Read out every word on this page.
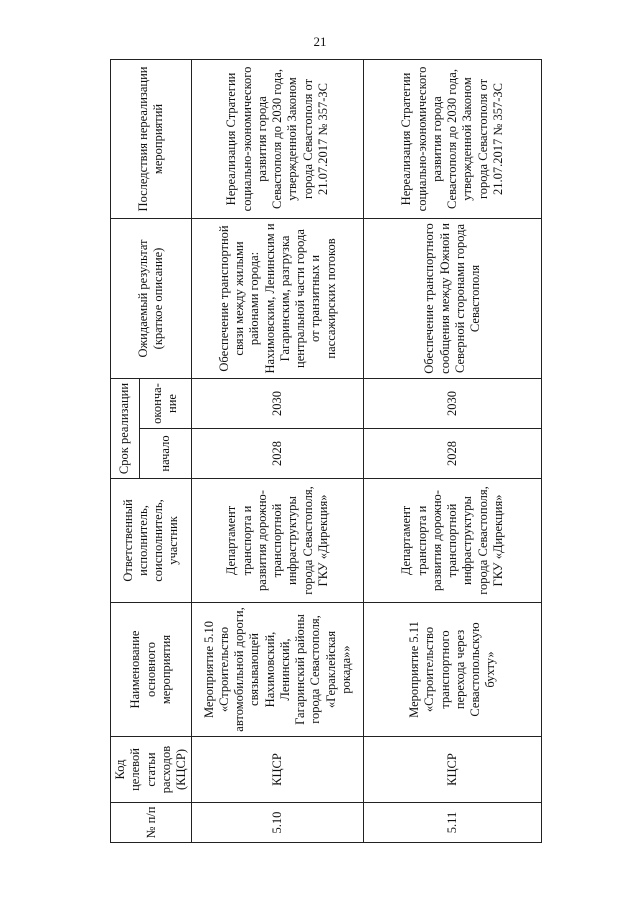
21
№ п/п	Код целевой статьи расходов (КЦСР)	Наименование основного мероприятия	Ответственный исполнитель, соисполнитель, участник	Срок реализации		Ожидаемый результат (краткое описание)	Последствия нереализации мероприятий
				начало	оконча-ние		
5.10	КЦСР	Мероприятие 5.10 «Строительство автомобильной дороги, связывающей Нахимовский, Ленинский, Гагаринский районы города Севастополя, «Гераклейская рокада»»	Департамент транспорта и развития дорожно-транспортной инфраструктуры города Севастополя, ГКУ «Дирекция»	2028	2030	Обеспечение транспортной связи между жилыми районами города: Нахимовским, Ленинским и Гагаринским, разгрузка центральной части города от транзитных и пассажирских потоков	Нереализация Стратегии социально-экономического развития города Севастополя до 2030 года, утвержденной Законом города Севастополя от 21.07.2017 № 357-ЗС
5.11	КЦСР	Мероприятие 5.11 «Строительство транспортного перехода через Севастопольскую бухту»	Департамент транспорта и развития дорожно-транспортной инфраструктуры города Севастополя, ГКУ «Дирекция»	2028	2030	Обеспечение транспортного сообщения между Южной и Северной сторонами города Севастополя	Нереализация Стратегии социально-экономического развития города Севастополя до 2030 года, утвержденной Законом города Севастополя от 21.07.2017 № 357-ЗС
